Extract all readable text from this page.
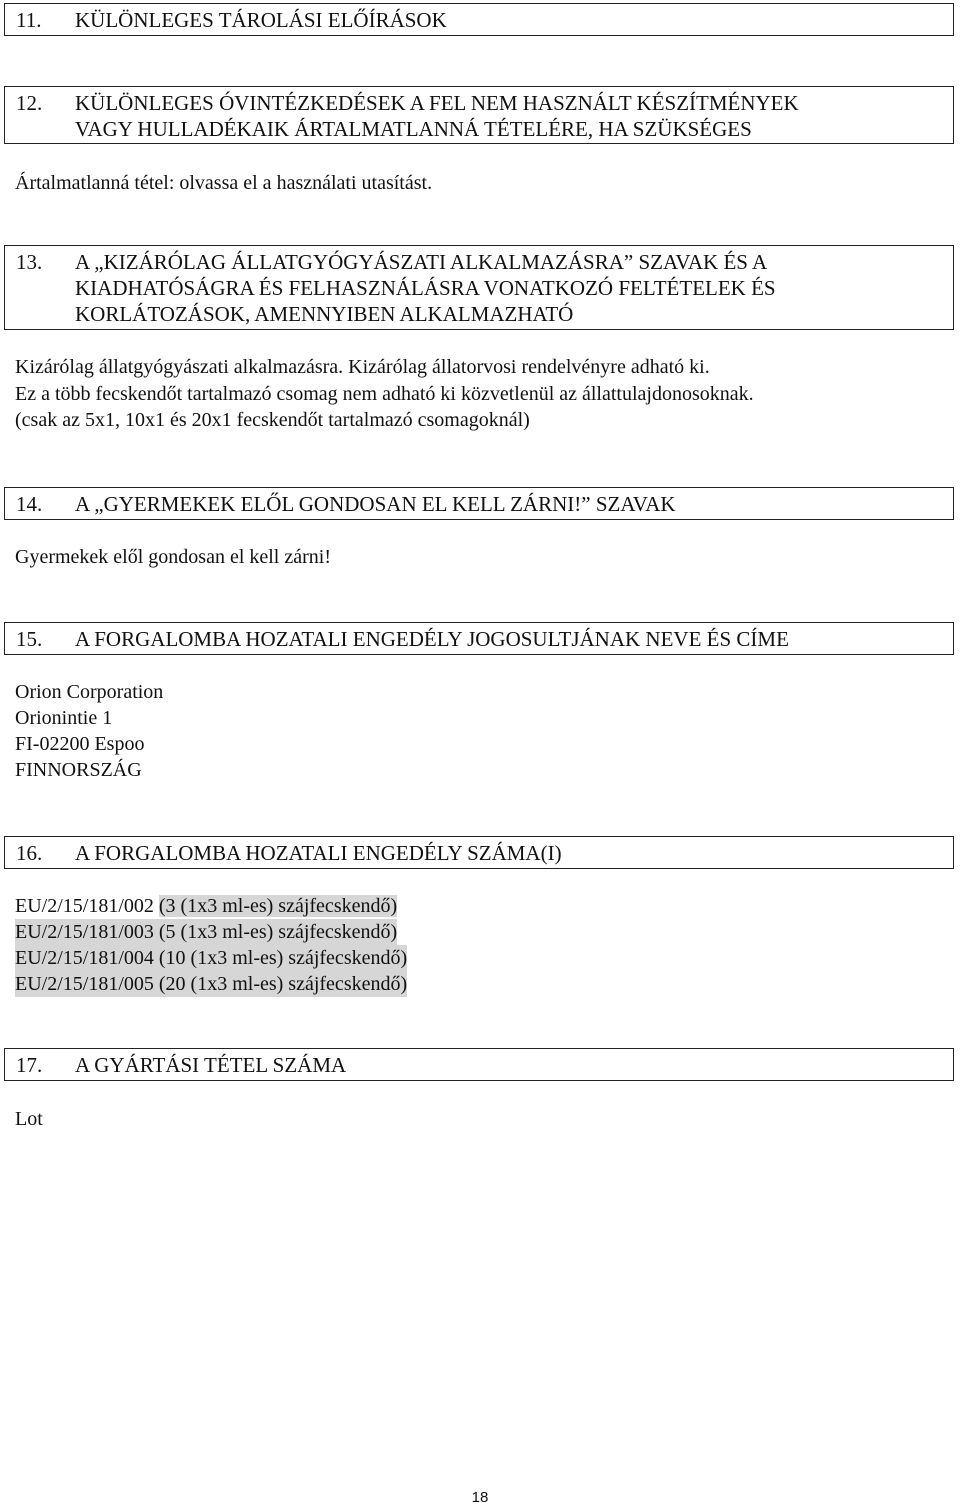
11. KÜLÖNLEGES TÁROLÁSI ELŐÍRÁSOK
12. KÜLÖNLEGES ÓVINTÉZKEDÉSEK A FEL NEM HASZNÁLT KÉSZÍTMÉNYEK
VAGY HULLADÉKAIK ÁRTALMATLANNÁ TÉTELÉRE, HA SZÜKSÉGES

Ártalmatlanná tétel: olvassa el a használati utasítást.

13. A „KIZÁRÓLAG ÁLLATGYÓGYÁSZATI ALKALMAZÁSRA” SZAVAK ÉS A
KIADHATÓSÁGRA ÉS FELHASZNÁLÁSRA VONATKOZÓ FELTÉTELEK ÉS
KORLÁTOZÁSOK, AMENNYIBEN ALKALMAZHATÓ

Kizárólag állatgyógyászati alkalmazásra. Kizárólag állatorvosi rendelvényre adható ki.
Ez a több fecskendőt tartalmazó csomag nem adható ki közvetlenül az állattulajdonosoknak.
(csak az 5x1, 10x1 és 20x1 fecskendőt tartalmazó csomagoknál)

14. A „GYERMEKEK ELŐL GONDOSAN EL KELL ZÁRNI!” SZAVAK

Gyermekek elől gondosan el kell zárni!

15. A FORGALOMBA HOZATALI ENGEDÉLY JOGOSULTJÁNAK NEVE ÉS CÍME

Orion Corporation
Orionintie 1
FI-02200 Espoo
FINNORSZÁG

16. A FORGALOMBA HOZATALI ENGEDÉLY SZÁMA(I)

EU/2/15/181/002 (3 (1x3 ml-es) szájfecskendő)
EU/2/15/181/003 (5 (1x3 ml-es) szájfecskendő)
EU/2/15/181/004 (10 (1x3 ml-es) szájfecskendő)
EU/2/15/181/005 (20 (1x3 ml-es) szájfecskendő)

17. A GYÁRTÁSI TÉTEL SZÁMA

Lot

18
